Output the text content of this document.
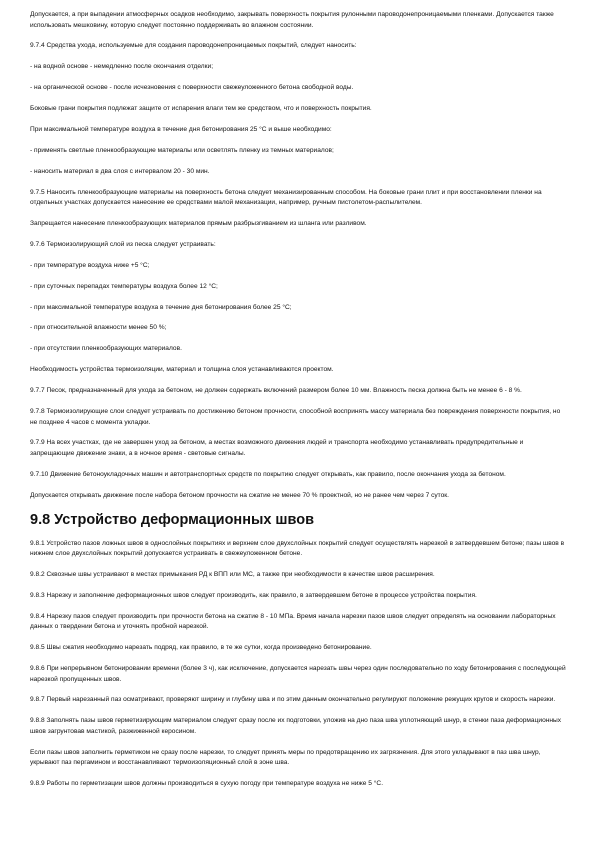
Допускается, а при выпадении атмосферных осадков необходимо, закрывать поверхность покрытия рулонными пароводонепроницаемыми пленками. Допускается также использовать мешковину, которую следует постоянно поддерживать во влажном состоянии.

9.7.4 Средства ухода, используемые для создания пароводонепроницаемых покрытий, следует наносить:

- на водной основе - немедленно после окончания отделки;

- на органической основе - после исчезновения с поверхности свежеуложенного бетона свободной воды.

Боковые грани покрытия подлежат защите от испарения влаги тем же средством, что и поверхность покрытия.

При максимальной температуре воздуха в течение дня бетонирования 25 °С и выше необходимо:

- применять светлые пленкообразующие материалы или осветлять пленку из темных материалов;

- наносить материал в два слоя с интервалом 20 - 30 мин.

9.7.5 Наносить пленкообразующие материалы на поверхность бетона следует механизированным способом. На боковые грани плит и при восстановлении пленки на отдельных участках допускается нанесение ее средствами малой механизации, например, ручным пистолетом-распылителем.

Запрещается нанесение пленкообразующих материалов прямым разбрызгиванием из шланга или разливом.

9.7.6 Термоизолирующий слой из песка следует устраивать:

- при температуре воздуха ниже +5 °С;

- при суточных перепадах температуры воздуха более 12 °С;

- при максимальной температуре воздуха в течение дня бетонирования более 25 °С;

- при относительной влажности менее 50 %;

- при отсутствии пленкообразующих материалов.

Необходимость устройства термоизоляции, материал и толщина слоя устанавливаются проектом.

9.7.7 Песок, предназначенный для ухода за бетоном, не должен содержать включений размером более 10 мм. Влажность песка должна быть не менее 6 - 8 %.

9.7.8 Термоизолирующие слои следует устраивать по достижению бетоном прочности, способной воспринять массу материала без повреждения поверхности покрытия, но не позднее 4 часов с момента укладки.

9.7.9 На всех участках, где не завершен уход за бетоном, а местах возможного движения людей и транспорта необходимо устанавливать предупредительные и запрещающие движение знаки, а в ночное время - световые сигналы.

9.7.10 Движение бетоноукладочных машин и автотранспортных средств по покрытию следует открывать, как правило, после окончания ухода за бетоном.

Допускается открывать движение после набора бетоном прочности на сжатие не менее 70 % проектной, но не ранее чем через 7 суток.

9.8 Устройство деформационных швов

9.8.1 Устройство пазов ложных швов в однослойных покрытиях и верхнем слое двухслойных покрытий следует осуществлять нарезкой в затвердевшем бетоне; пазы швов в нижнем слое двухслойных покрытий допускается устраивать в свежеуложенном бетоне.

9.8.2 Сквозные швы устраивают в местах примыкания РД к ВПП или МС, а также при необходимости в качестве швов расширения.

9.8.3 Нарезку и заполнение деформационных швов следует производить, как правило, в затвердевшем бетоне в процессе устройства покрытия.

9.8.4 Нарезку пазов следует производить при прочности бетона на сжатие 8 - 10 МПа. Время начала нарезки пазов швов следует определять на основании лабораторных данных о твердении бетона и уточнять пробной нарезкой.

9.8.5 Швы сжатия необходимо нарезать подряд, как правило, в те же сутки, когда произведено бетонирование.

9.8.6 При непрерывном бетонировании времени (более 3 ч), как исключение, допускается нарезать швы через один последовательно по ходу бетонирования с последующей нарезкой пропущенных швов.

9.8.7 Первый нарезанный паз осматривают, проверяют ширину и глубину шва и по этим данным окончательно регулируют положение режущих кругов и скорость нарезки.

9.8.8 Заполнять пазы швов герметизирующим материалом следует сразу после их подготовки, уложив на дно паза шва уплотняющий шнур, в стенки паза деформационных швов загрунтовав мастикой, разжиженной керосином.

Если пазы швов заполнить герметиком не сразу после нарезки, то следует принять меры по предотвращению их загрязнения. Для этого укладывают в паз шва шнур, укрывают паз пергамином и восстанавливают термоизоляционный слой в зоне шва.

9.8.9 Работы по герметизации швов должны производиться в сухую погоду при температуре воздуха не ниже 5 °С.
